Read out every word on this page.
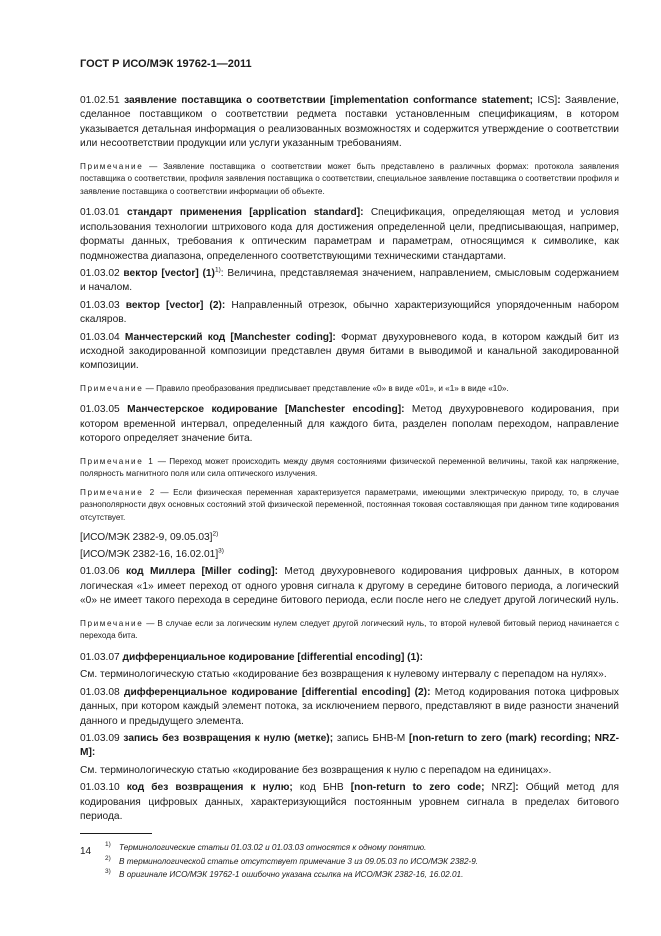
ГОСТ Р ИСО/МЭК 19762-1—2011

01.02.51 заявление поставщика о соответствии [implementation conformance statement; ICS]: Заявление, сделанное поставщиком о соответствии редмета поставки установленным спецификациям, в котором указывается детальная информация о реализованных возможностях и содержится утверждение о соответствии или несоответствии продукции или услуги указанным требованиям.

Примечание — Заявление поставщика о соответствии может быть представлено в различных формах: протокола заявления поставщика о соответствии, профиля заявления поставщика о соответствии, специальное заявление поставщика о соответствии профиля и заявление поставщика о соответствии информации об объекте.

01.03.01 стандарт применения [application standard]: Спецификация, определяющая метод и условия использования технологии штрихового кода для достижения определенной цели, предписывающая, например, форматы данных, требования к оптическим параметрам и параметрам, относящимся к символике, как подмножества диапазона, определенного соответствующими техническими стандартами.

01.03.02 вектор [vector] $(1)^{1)}$: Величина, представляемая значением, направлением, смысловым содержанием и началом.

01.03.03 вектор [vector] (2): Направленный отрезок, обычно характеризующийся упорядоченным набором скаляров.

01.03.04 Манчестерский код [Manchester coding]: Формат двухуровневого кода, в котором каждый бит из исходной закодированной композиции представлен двумя битами в выводимой и канальной закодированной композиции.

Примечание — Правило преобразования предписывает представление «0» в виде «01», и «1» в виде «10».

01.03.05 Манчестерское кодирование [Manchester encoding]: Метод двухуровневого кодирования, при котором временной интервал, определенный для каждого бита, разделен пополам переходом, направление которого определяет значение бита.

Примечание 1 — Переход может происходить между двумя состояниями физической переменной величины, такой как напряжение, полярность магнитного поля или сила оптического излучения.

Примечание 2 — Если физическая переменная характеризуется параметрами, имеющими электрическую природу, то, в случае разнополярности двух основных состояний этой физической переменной, постоянная токовая составляющая при данном типе кодирования отсутствует.

[ИСО/МЭК 2382-9, 09.05.03]$^{2)}$

[ИСО/МЭК 2382-16, 16.02.01]$^{3)}$

01.03.06 код Миллера [Miller coding]: Метод двухуровневого кодирования цифровых данных, в котором логическая «1» имеет переход от одного уровня сигнала к другому в середине битового периода, а логический «0» не имеет такого перехода в середине битового периода, если после него не следует другой логический нуль.

Примечание — В случае если за логическим нулем следует другой логический нуль, то второй нулевой битовый период начинается с перехода бита.

01.03.07 дифференциальное кодирование [differential encoding] (1):

См. терминологическую статью «кодирование без возвращения к нулевому интервалу с перепадом на нулях».

01.03.08 дифференциальное кодирование [differential encoding] (2): Метод кодирования потока цифровых данных, при котором каждый элемент потока, за исключением первого, представляют в виде разности значений данного и предыдущего элемента.

01.03.09 запись без возвращения к нулю (метке); запись БНВ-М [non-return to zero (mark) recording; NRZ-M]:

См. терминологическую статью «кодирование без возвращения к нулю с перепадом на единицах».

01.03.10 код без возвращения к нулю; код БНВ [non-return to zero code; NRZ]: Общий метод для кодирования цифровых данных, характеризующийся постоянным уровнем сигнала в пределах битового периода.

1) Терминологические статьи 01.03.02 и 01.03.03 относятся к одному понятию.
2) В терминологической статье отсутствует примечание 3 из 09.05.03 по ИСО/МЭК 2382-9.
3) В оригинале ИСО/МЭК 19762-1 ошибочно указана ссылка на ИСО/МЭК 2382-16, 16.02.01.
14
